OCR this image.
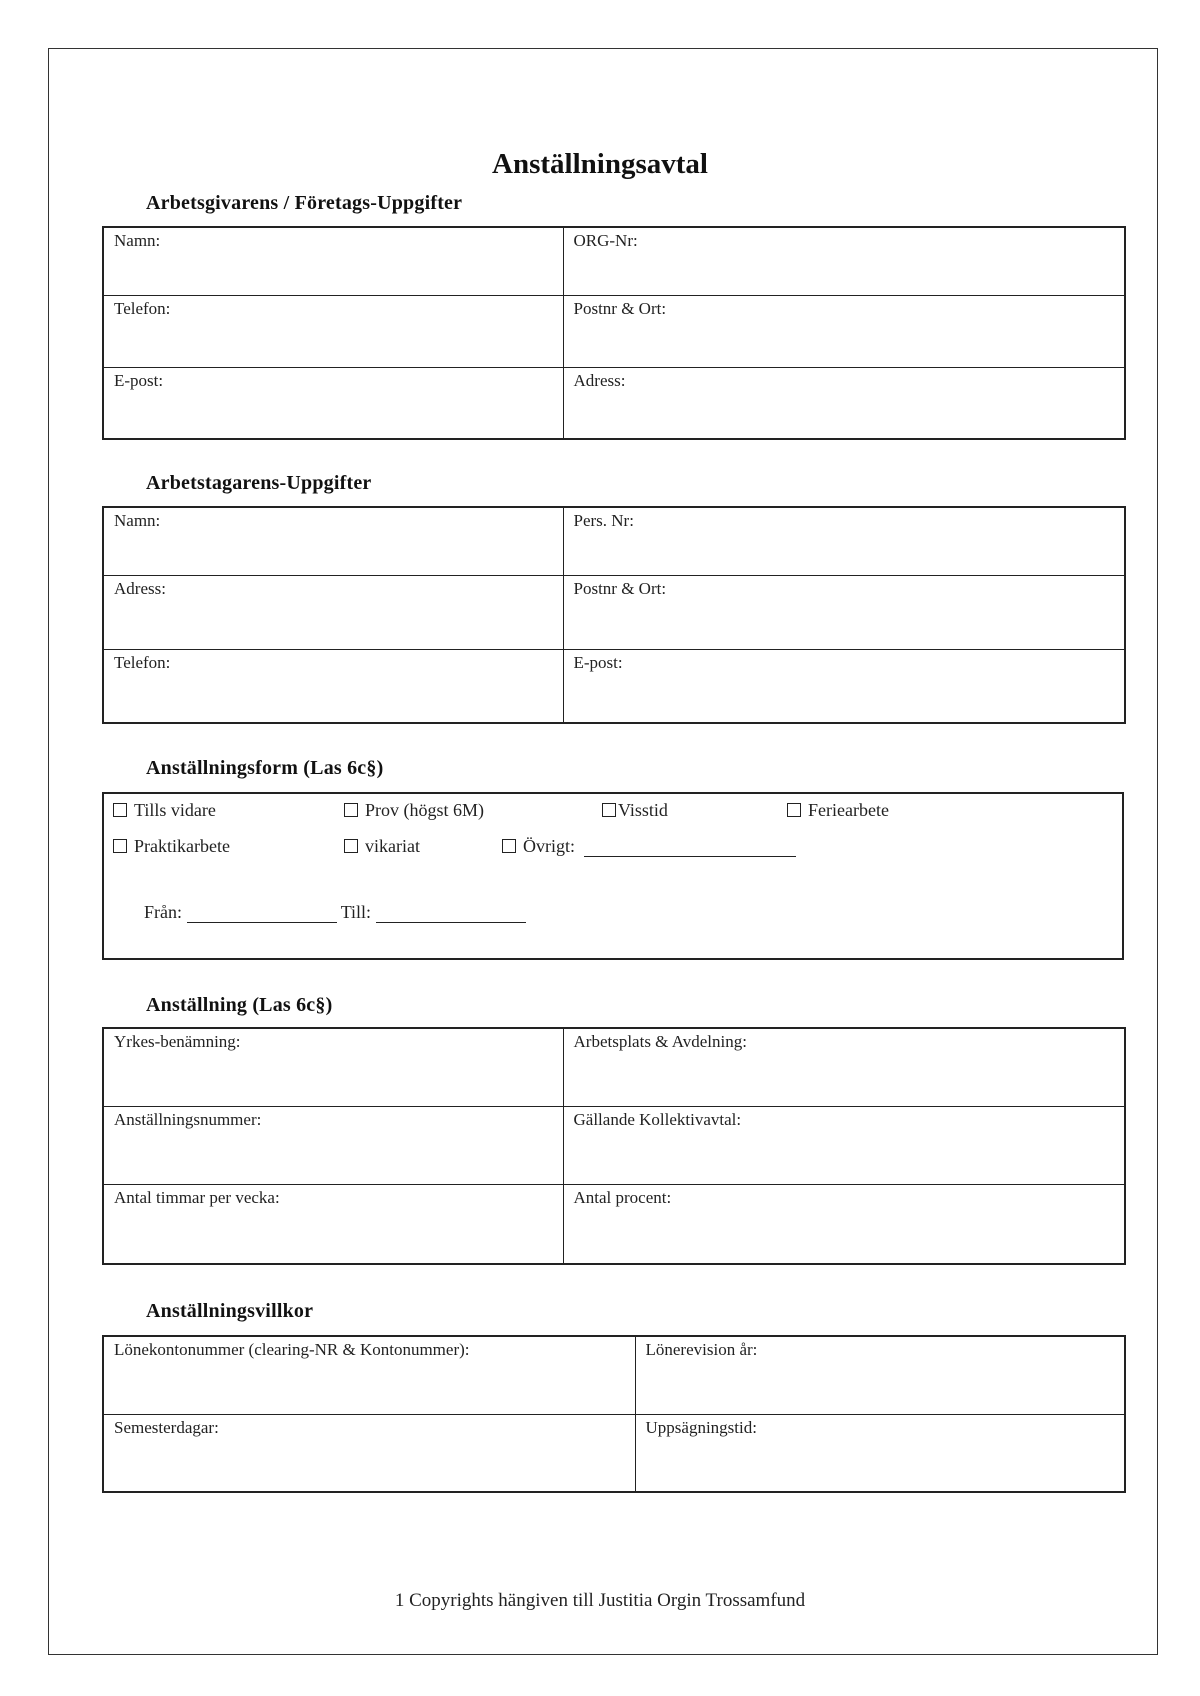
Anställningsavtal
Arbetsgivarens / Företags-Uppgifter
Namn:	ORG-Nr:
Telefon:	Postnr & Ort:
E-post:	Adress:
Arbetstagarens-Uppgifter
Namn:	Pers. Nr:
Adress:	Postnr & Ort:
Telefon:	E-post:
Anställningsform (Las 6c§)
Tills vidare	Prov (högst 6M)	Visstid	Feriearbete
Praktikarbete	vikariat	Övrigt:
Från:	Till:
Anställning (Las 6c§)
Yrkes-benämning:	Arbetsplats & Avdelning:
Anställningsnummer:	Gällande Kollektivavtal:
Antal timmar per vecka:	Antal procent:
Anställningsvillkor
Lönekontonummer (clearing-NR & Kontonummer):	Lönerevision år:
Semesterdagar:	Uppsägningstid:
1 Copyrights hängiven till Justitia Orgin Trossamfund
